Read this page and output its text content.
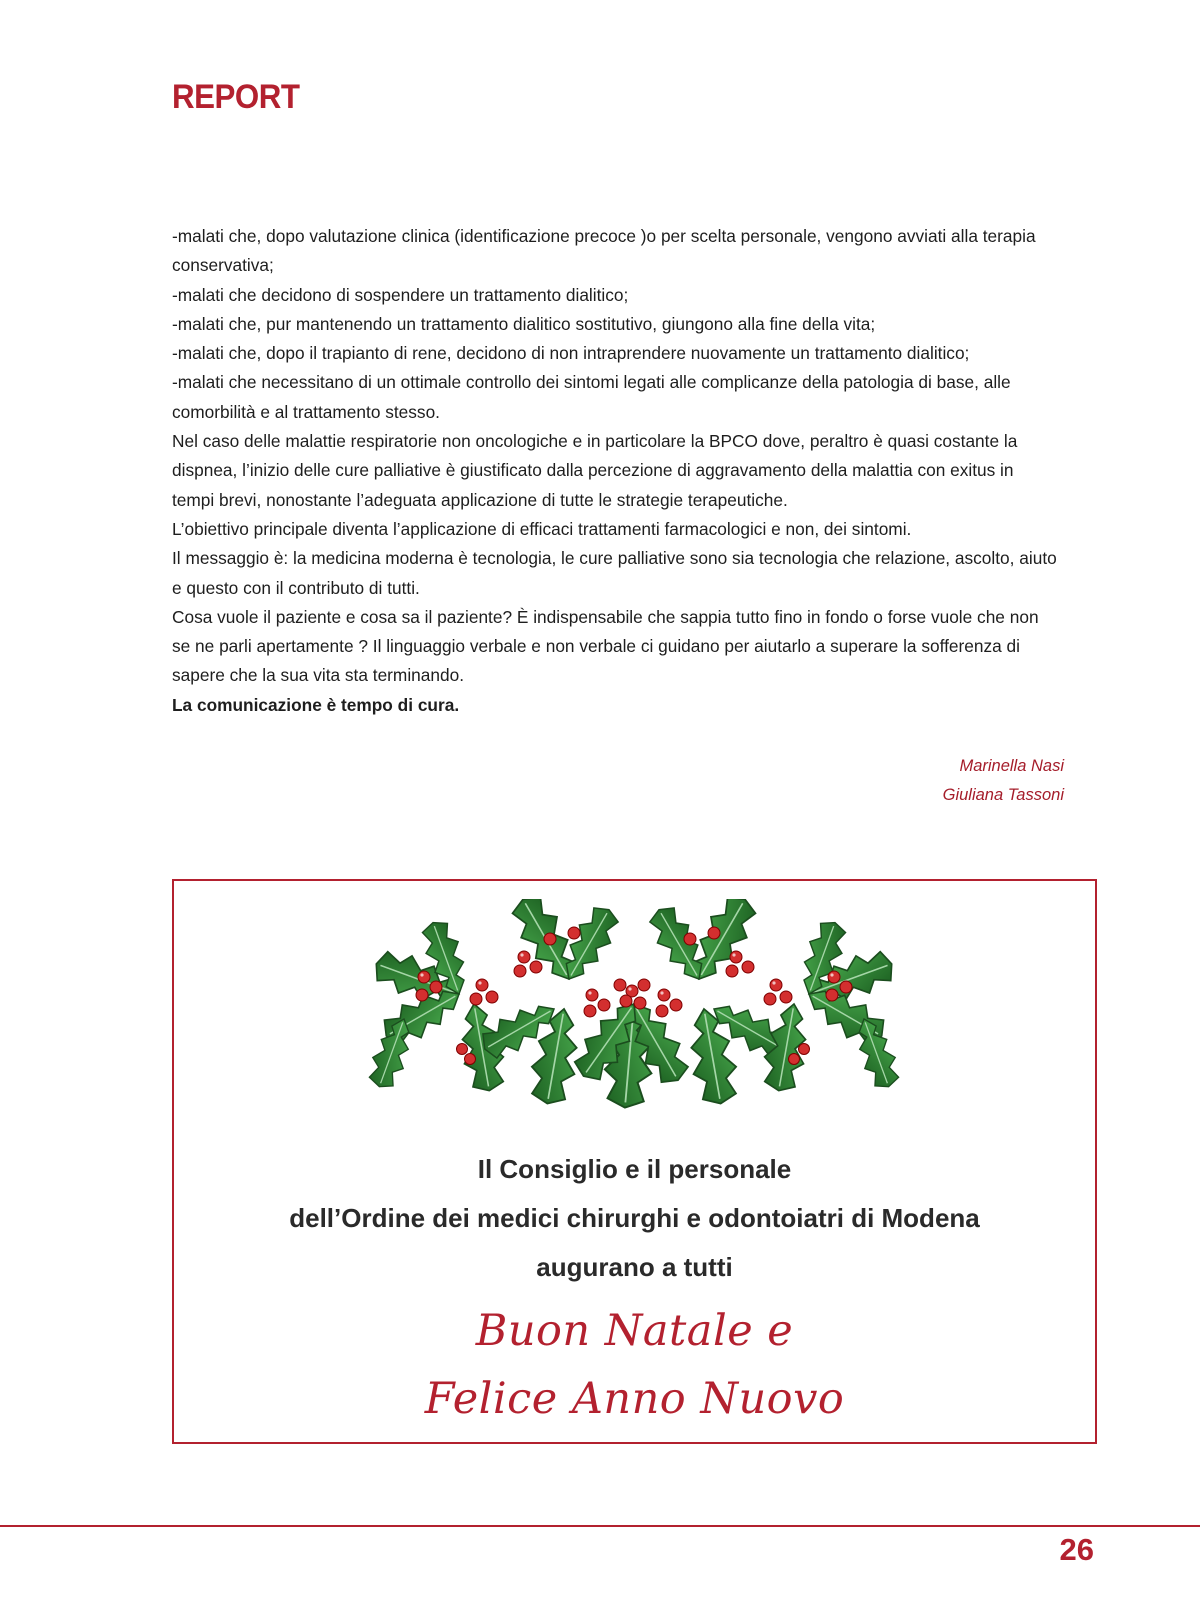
REPORT

-malati che, dopo valutazione clinica (identificazione precoce )o per scelta personale, vengono avviati alla terapia conservativa;

-malati che decidono di sospendere un trattamento dialitico;

-malati che, pur mantenendo un trattamento dialitico sostitutivo, giungono alla fine della vita;

-malati che, dopo il trapianto di rene, decidono di non intraprendere nuovamente un trattamento dialitico;

-malati che necessitano di un ottimale controllo dei sintomi legati alle complicanze della patologia di base, alle comorbilità e al trattamento stesso.

Nel caso delle malattie respiratorie non oncologiche e in particolare la BPCO dove, peraltro è quasi costante la dispnea, l’inizio delle cure palliative è giustificato dalla percezione di aggravamento della malattia con exitus in tempi brevi, nonostante l’adeguata applicazione di tutte le strategie terapeutiche.

L’obiettivo principale diventa l’applicazione di efficaci trattamenti farmacologici e non, dei sintomi.

Il messaggio è: la medicina moderna è tecnologia, le cure palliative sono sia tecnologia che relazione, ascolto, aiuto e questo con il contributo di tutti.

Cosa vuole il paziente e cosa sa il paziente? È indispensabile che sappia tutto fino in fondo o forse vuole che non se ne parli apertamente ? Il linguaggio verbale e non verbale ci guidano per aiutarlo a superare la sofferenza di sapere che la sua vita sta terminando.

La comunicazione è tempo di cura.

Marinella Nasi
Giuliana Tassoni
Il Consiglio e il personale
dell’Ordine dei medici chirurghi e odontoiatri di Modena
augurano a tutti
Buon Natale e
Felice Anno Nuovo
26
